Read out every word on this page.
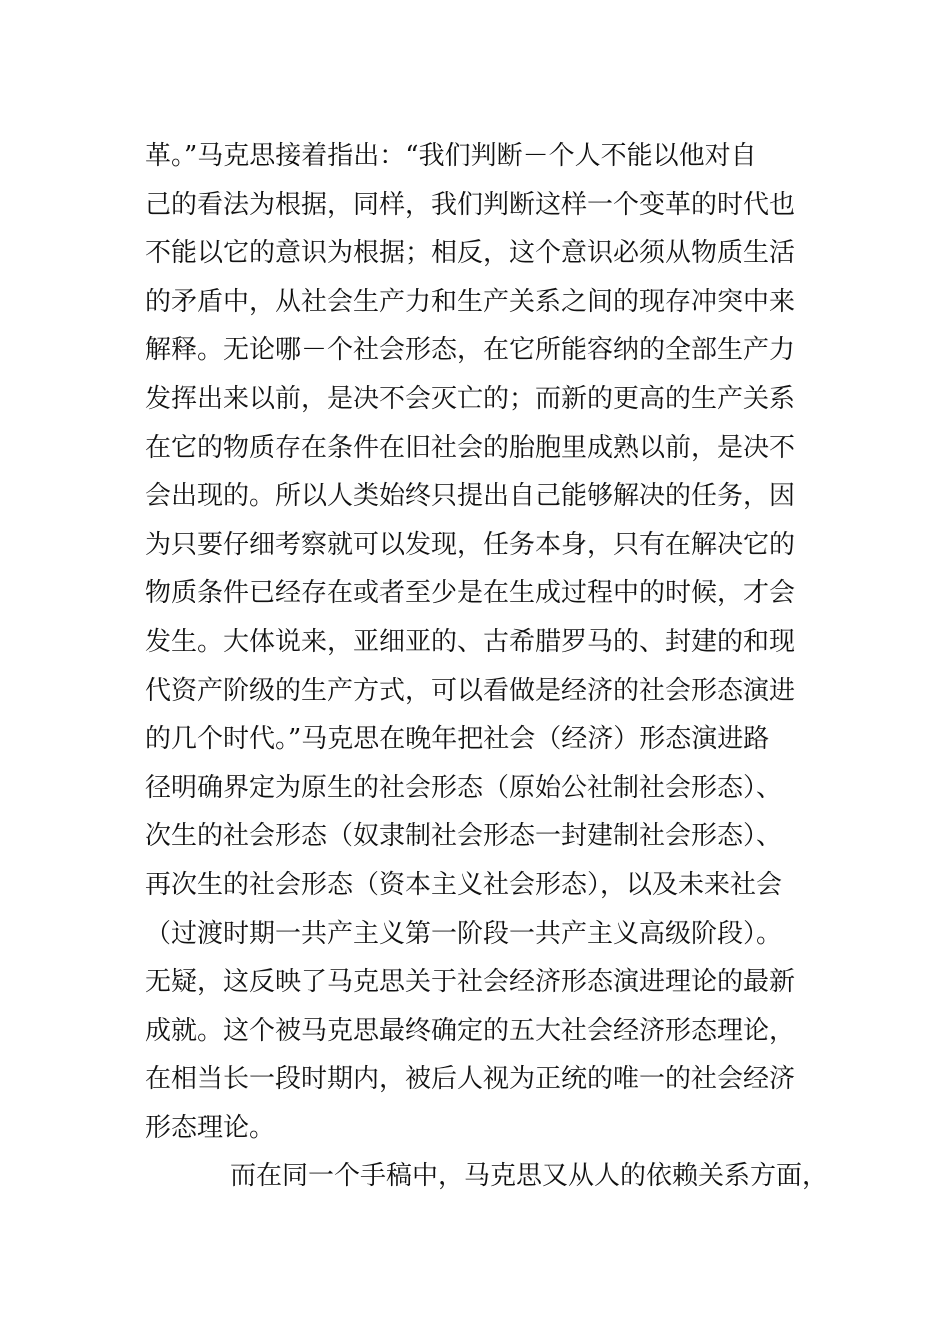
革。”马克思接着指出：“我们判断－个人不能以他对自
己的看法为根据，同样，我们判断这样一个变革的时代也
不能以它的意识为根据；相反，这个意识必须从物质生活
的矛盾中，从社会生产力和生产关系之间的现存冲突中来
解释。无论哪－个社会形态，在它所能容纳的全部生产力
发挥出来以前，是决不会灭亡的；而新的更高的生产关系
在它的物质存在条件在旧社会的胎胞里成熟以前，是决不
会出现的。所以人类始终只提出自己能够解决的任务，因
为只要仔细考察就可以发现，任务本身，只有在解决它的
物质条件已经存在或者至少是在生成过程中的时候，才会
发生。大体说来，亚细亚的、古希腊罗马的、封建的和现
代资产阶级的生产方式，可以看做是经济的社会形态演进
的几个时代。”马克思在晚年把社会（经济）形态演进路
径明确界定为原生的社会形态（原始公社制社会形态）、
次生的社会形态（奴隶制社会形态一封建制社会形态）、
再次生的社会形态（资本主义社会形态），以及未来社会
（过渡时期一共产主义第一阶段一共产主义高级阶段）。
无疑，这反映了马克思关于社会经济形态演进理论的最新
成就。这个被马克思最终确定的五大社会经济形态理论，
在相当长一段时期内，被后人视为正统的唯一的社会经济
形态理论。
而在同一个手稿中，马克思又从人的依赖关系方面，
